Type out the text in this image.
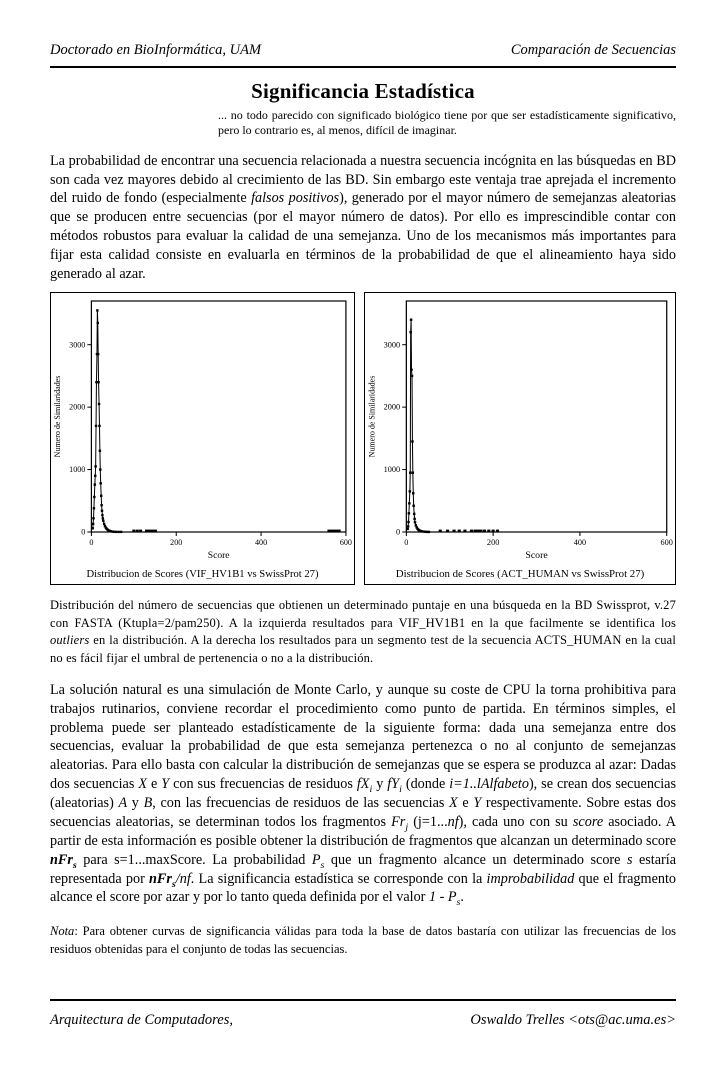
Doctorado en BioInformática, UAM	Comparación de Secuencias
Significancia Estadística
... no todo parecido con significado biológico tiene por que ser estadísticamente significativo, pero lo contrario es, al menos, difícil de imaginar.
La probabilidad de encontrar una secuencia relacionada a nuestra secuencia incógnita en las búsquedas en BD son cada vez mayores debido al crecimiento de las BD. Sin embargo este ventaja trae aprejada el incremento del ruido de fondo (especialmente falsos positivos), generado por el mayor número de semejanzas aleatorias que se producen entre secuencias (por el mayor número de datos). Por ello es imprescindible contar con métodos robustos para evaluar la calidad de una semejanza. Uno de los mecanismos más importantes para fijar esta calidad consiste en evaluarla en términos de la probabilidad de que el alineamiento haya sido generado al azar.
0
1000
2000
3000
0	200	400	600
Score
Distribucion de Scores (VIF_HV1B1 vs SwissProt 27)
Numero de Similaridades
0
1000
2000
3000
0	200	400	600
Score
Distribucion de Scores (ACT_HUMAN vs SwissProt 27)
Numero de Similaridades
Distribución del número de secuencias que obtienen un determinado puntaje en una búsqueda en la BD Swissprot, v.27 con FASTA (Ktupla=2/pam250). A la izquierda resultados para VIF_HV1B1 en la que facilmente se identifica los outliers en la distribución. A la derecha los resultados para un segmento test de la secuencia ACTS_HUMAN en la cual no es fácil fijar el umbral de pertenencia o no a la distribución.
La solución natural es una simulación de Monte Carlo, y aunque su coste de CPU la torna prohibitiva para trabajos rutinarios, conviene recordar el procedimiento como punto de partida. En términos simples, el problema puede ser planteado estadísticamente de la siguiente forma: dada una semejanza entre dos secuencias, evaluar la probabilidad de que esta semejanza pertenezca o no al conjunto de semejanzas aleatorias. Para ello basta con calcular la distribución de semejanzas que se espera se produzca al azar: Dadas dos secuencias X e Y con sus frecuencias de residuos $fX_i$ y $fY_i$ (donde i=1..lAlfabeto), se crean dos secuencias (aleatorias) A y B, con las frecuencias de residuos de las secuencias X e Y respectivamente. Sobre estas dos secuencias aleatorias, se determinan todos los fragmentos $Fr_j$ (j=1...nf), cada uno con su score asociado. A partir de esta información es posible obtener la distribución de fragmentos que alcanzan un determinado score nFr$_s$ para s=1...maxScore. La probabilidad $P_s$ que un fragmento alcance un determinado score s estaría representada por nFr$_s$/nf. La significancia estadística se corresponde con la improbabilidad que el fragmento alcance el score por azar y por lo tanto queda definida por el valor $1 - P_s$.
Nota: Para obtener curvas de significancia válidas para toda la base de datos bastaría con utilizar las frecuencias de los residuos obtenidas para el conjunto de todas las secuencias.
Arquitectura de Computadores,	Oswaldo Trelles <ots@ac.uma.es>
